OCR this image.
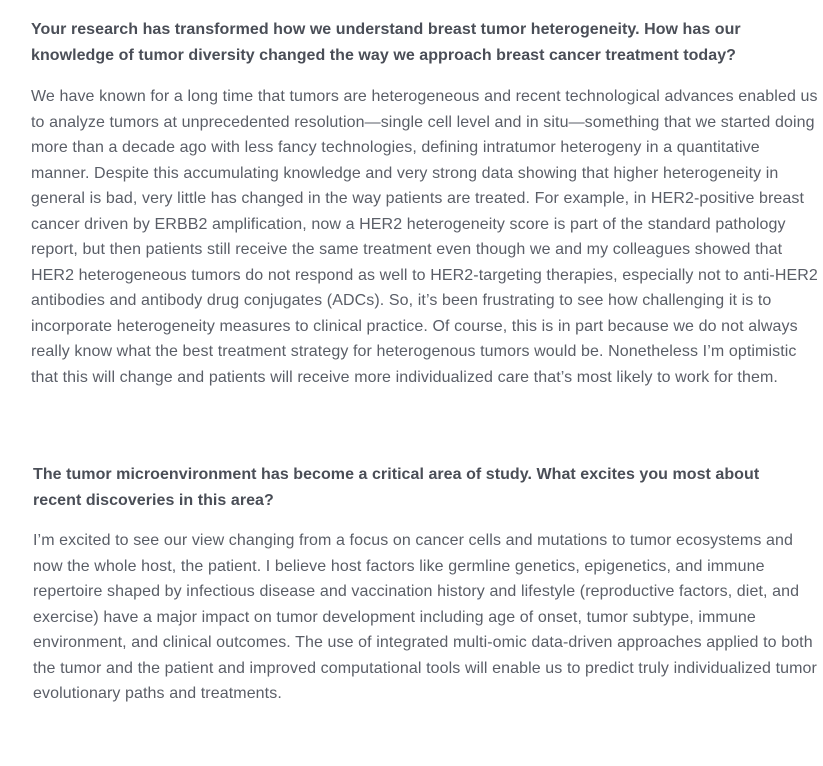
Your research has transformed how we understand breast tumor heterogeneity. How has our knowledge of tumor diversity changed the way we approach breast cancer treatment today?

We have known for a long time that tumors are heterogeneous and recent technological advances enabled us to analyze tumors at unprecedented resolution—single cell level and in situ—something that we started doing more than a decade ago with less fancy technologies, defining intratumor heterogeny in a quantitative manner. Despite this accumulating knowledge and very strong data showing that higher heterogeneity in general is bad, very little has changed in the way patients are treated. For example, in HER2-positive breast cancer driven by ERBB2 amplification, now a HER2 heterogeneity score is part of the standard pathology report, but then patients still receive the same treatment even though we and my colleagues showed that HER2 heterogeneous tumors do not respond as well to HER2-targeting therapies, especially not to anti-HER2 antibodies and antibody drug conjugates (ADCs). So, it’s been frustrating to see how challenging it is to incorporate heterogeneity measures to clinical practice. Of course, this is in part because we do not always really know what the best treatment strategy for heterogenous tumors would be. Nonetheless I’m optimistic that this will change and patients will receive more individualized care that’s most likely to work for them.

The tumor microenvironment has become a critical area of study. What excites you most about recent discoveries in this area?

I’m excited to see our view changing from a focus on cancer cells and mutations to tumor ecosystems and now the whole host, the patient. I believe host factors like germline genetics, epigenetics, and immune repertoire shaped by infectious disease and vaccination history and lifestyle (reproductive factors, diet, and exercise) have a major impact on tumor development including age of onset, tumor subtype, immune environment, and clinical outcomes. The use of integrated multi-omic data-driven approaches applied to both the tumor and the patient and improved computational tools will enable us to predict truly individualized tumor evolutionary paths and treatments.
